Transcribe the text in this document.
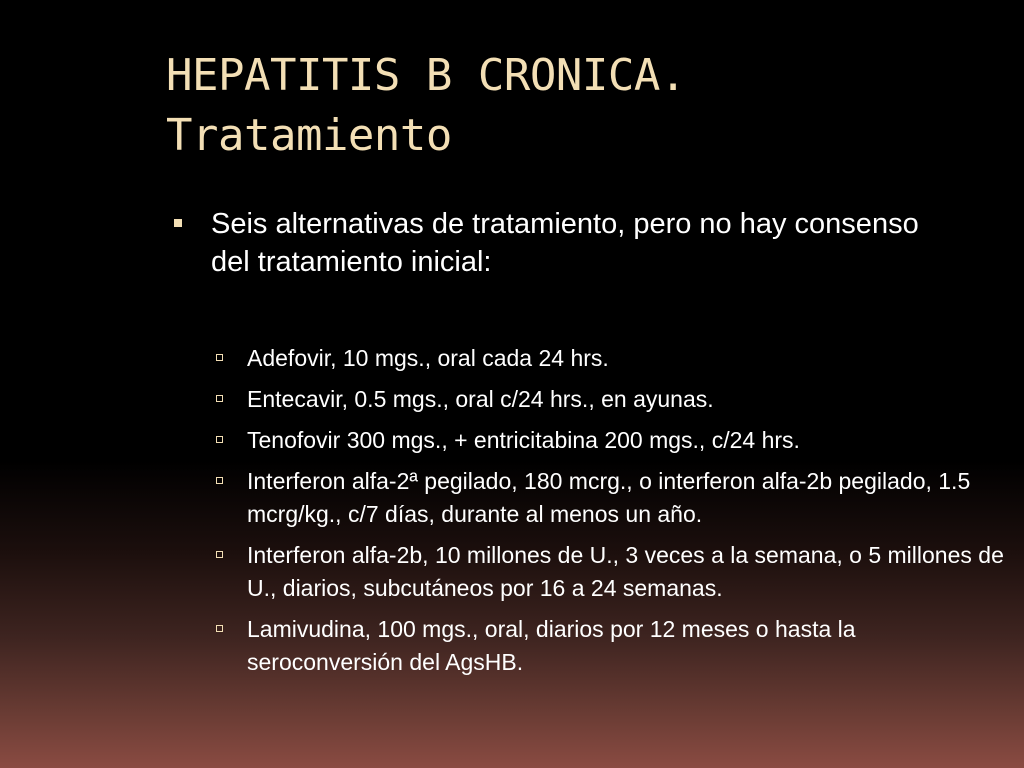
HEPATITIS B CRONICA.
Tratamiento
Seis alternativas de tratamiento, pero no hay consenso del tratamiento inicial:
Adefovir, 10 mgs., oral cada 24 hrs.
Entecavir, 0.5 mgs., oral c/24 hrs., en ayunas.
Tenofovir 300 mgs., + entricitabina 200 mgs., c/24 hrs.
Interferon alfa-2ª pegilado, 180 mcrg., o interferon alfa-2b pegilado, 1.5 mcrg/kg., c/7 días, durante al menos un año.
Interferon alfa-2b, 10 millones de U., 3 veces a la semana, o 5 millones de U., diarios, subcutáneos por 16 a 24 semanas.
Lamivudina, 100 mgs., oral, diarios por 12 meses o hasta la seroconversión del AgsHB.
